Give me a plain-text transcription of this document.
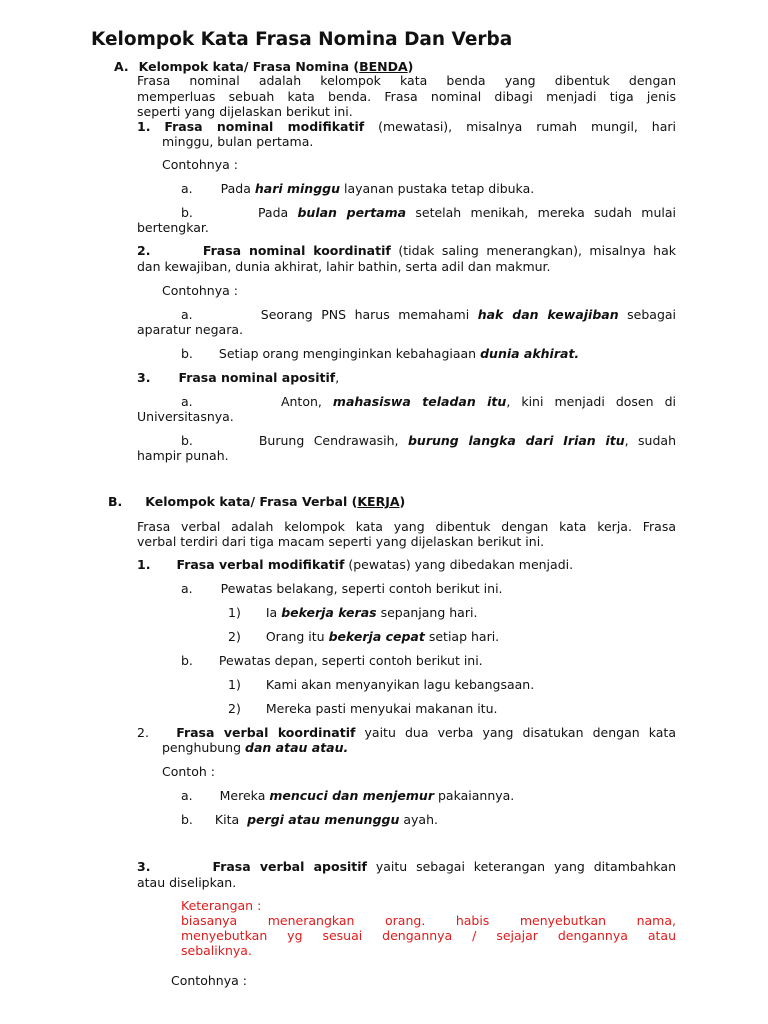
Kelompok Kata Frasa Nomina Dan Verba
A. Kelompok kata/ Frasa Nomina (BENDA)
Frasa nominal adalah kelompok kata benda yang dibentuk dengan
memperluas sebuah kata benda. Frasa nominal dibagi menjadi tiga jenis
seperti yang dijelaskan berikut ini.
1. Frasa nominal modifikatif (mewatasi), misalnya rumah mungil, hari
minggu, bulan pertama.
Contohnya :
a. Pada hari minggu layanan pustaka tetap dibuka.
b.	Pada bulan pertama setelah menikah, mereka sudah mulai
bertengkar.
2.	Frasa nominal koordinatif (tidak saling menerangkan), misalnya hak
dan kewajiban, dunia akhirat, lahir bathin, serta adil dan makmur.
Contohnya :
a.	Seorang PNS harus memahami hak dan kewajiban sebagai
aparatur negara.
b. Setiap orang menginginkan kebahagiaan dunia akhirat.
3. Frasa nominal apositif,
a.	Anton, mahasiswa teladan itu, kini menjadi dosen di
Universitasnya.
b.	Burung Cendrawasih, burung langka dari Irian itu, sudah
hampir punah.
B. Kelompok kata/ Frasa Verbal (KERJA)
Frasa verbal adalah kelompok kata yang dibentuk dengan kata kerja. Frasa
verbal terdiri dari tiga macam seperti yang dijelaskan berikut ini.
1. Frasa verbal modifikatif (pewatas) yang dibedakan menjadi.
a. Pewatas belakang, seperti contoh berikut ini.
1) Ia bekerja keras sepanjang hari.
2) Orang itu bekerja cepat setiap hari.
b. Pewatas depan, seperti contoh berikut ini.
1) Kami akan menyanyikan lagu kebangsaan.
2) Mereka pasti menyukai makanan itu.
2. Frasa verbal koordinatif yaitu dua verba yang disatukan dengan kata
penghubung dan atau atau.
Contoh :
a. Mereka mencuci dan menjemur pakaiannya.
b. Kita pergi atau menunggu ayah.
3.	Frasa verbal apositif yaitu sebagai keterangan yang ditambahkan
atau diselipkan.
Keterangan :
biasanya menerangkan orang. habis menyebutkan nama,
menyebutkan yg sesuai dengannya / sejajar dengannya atau
sebaliknya.
Contohnya :
